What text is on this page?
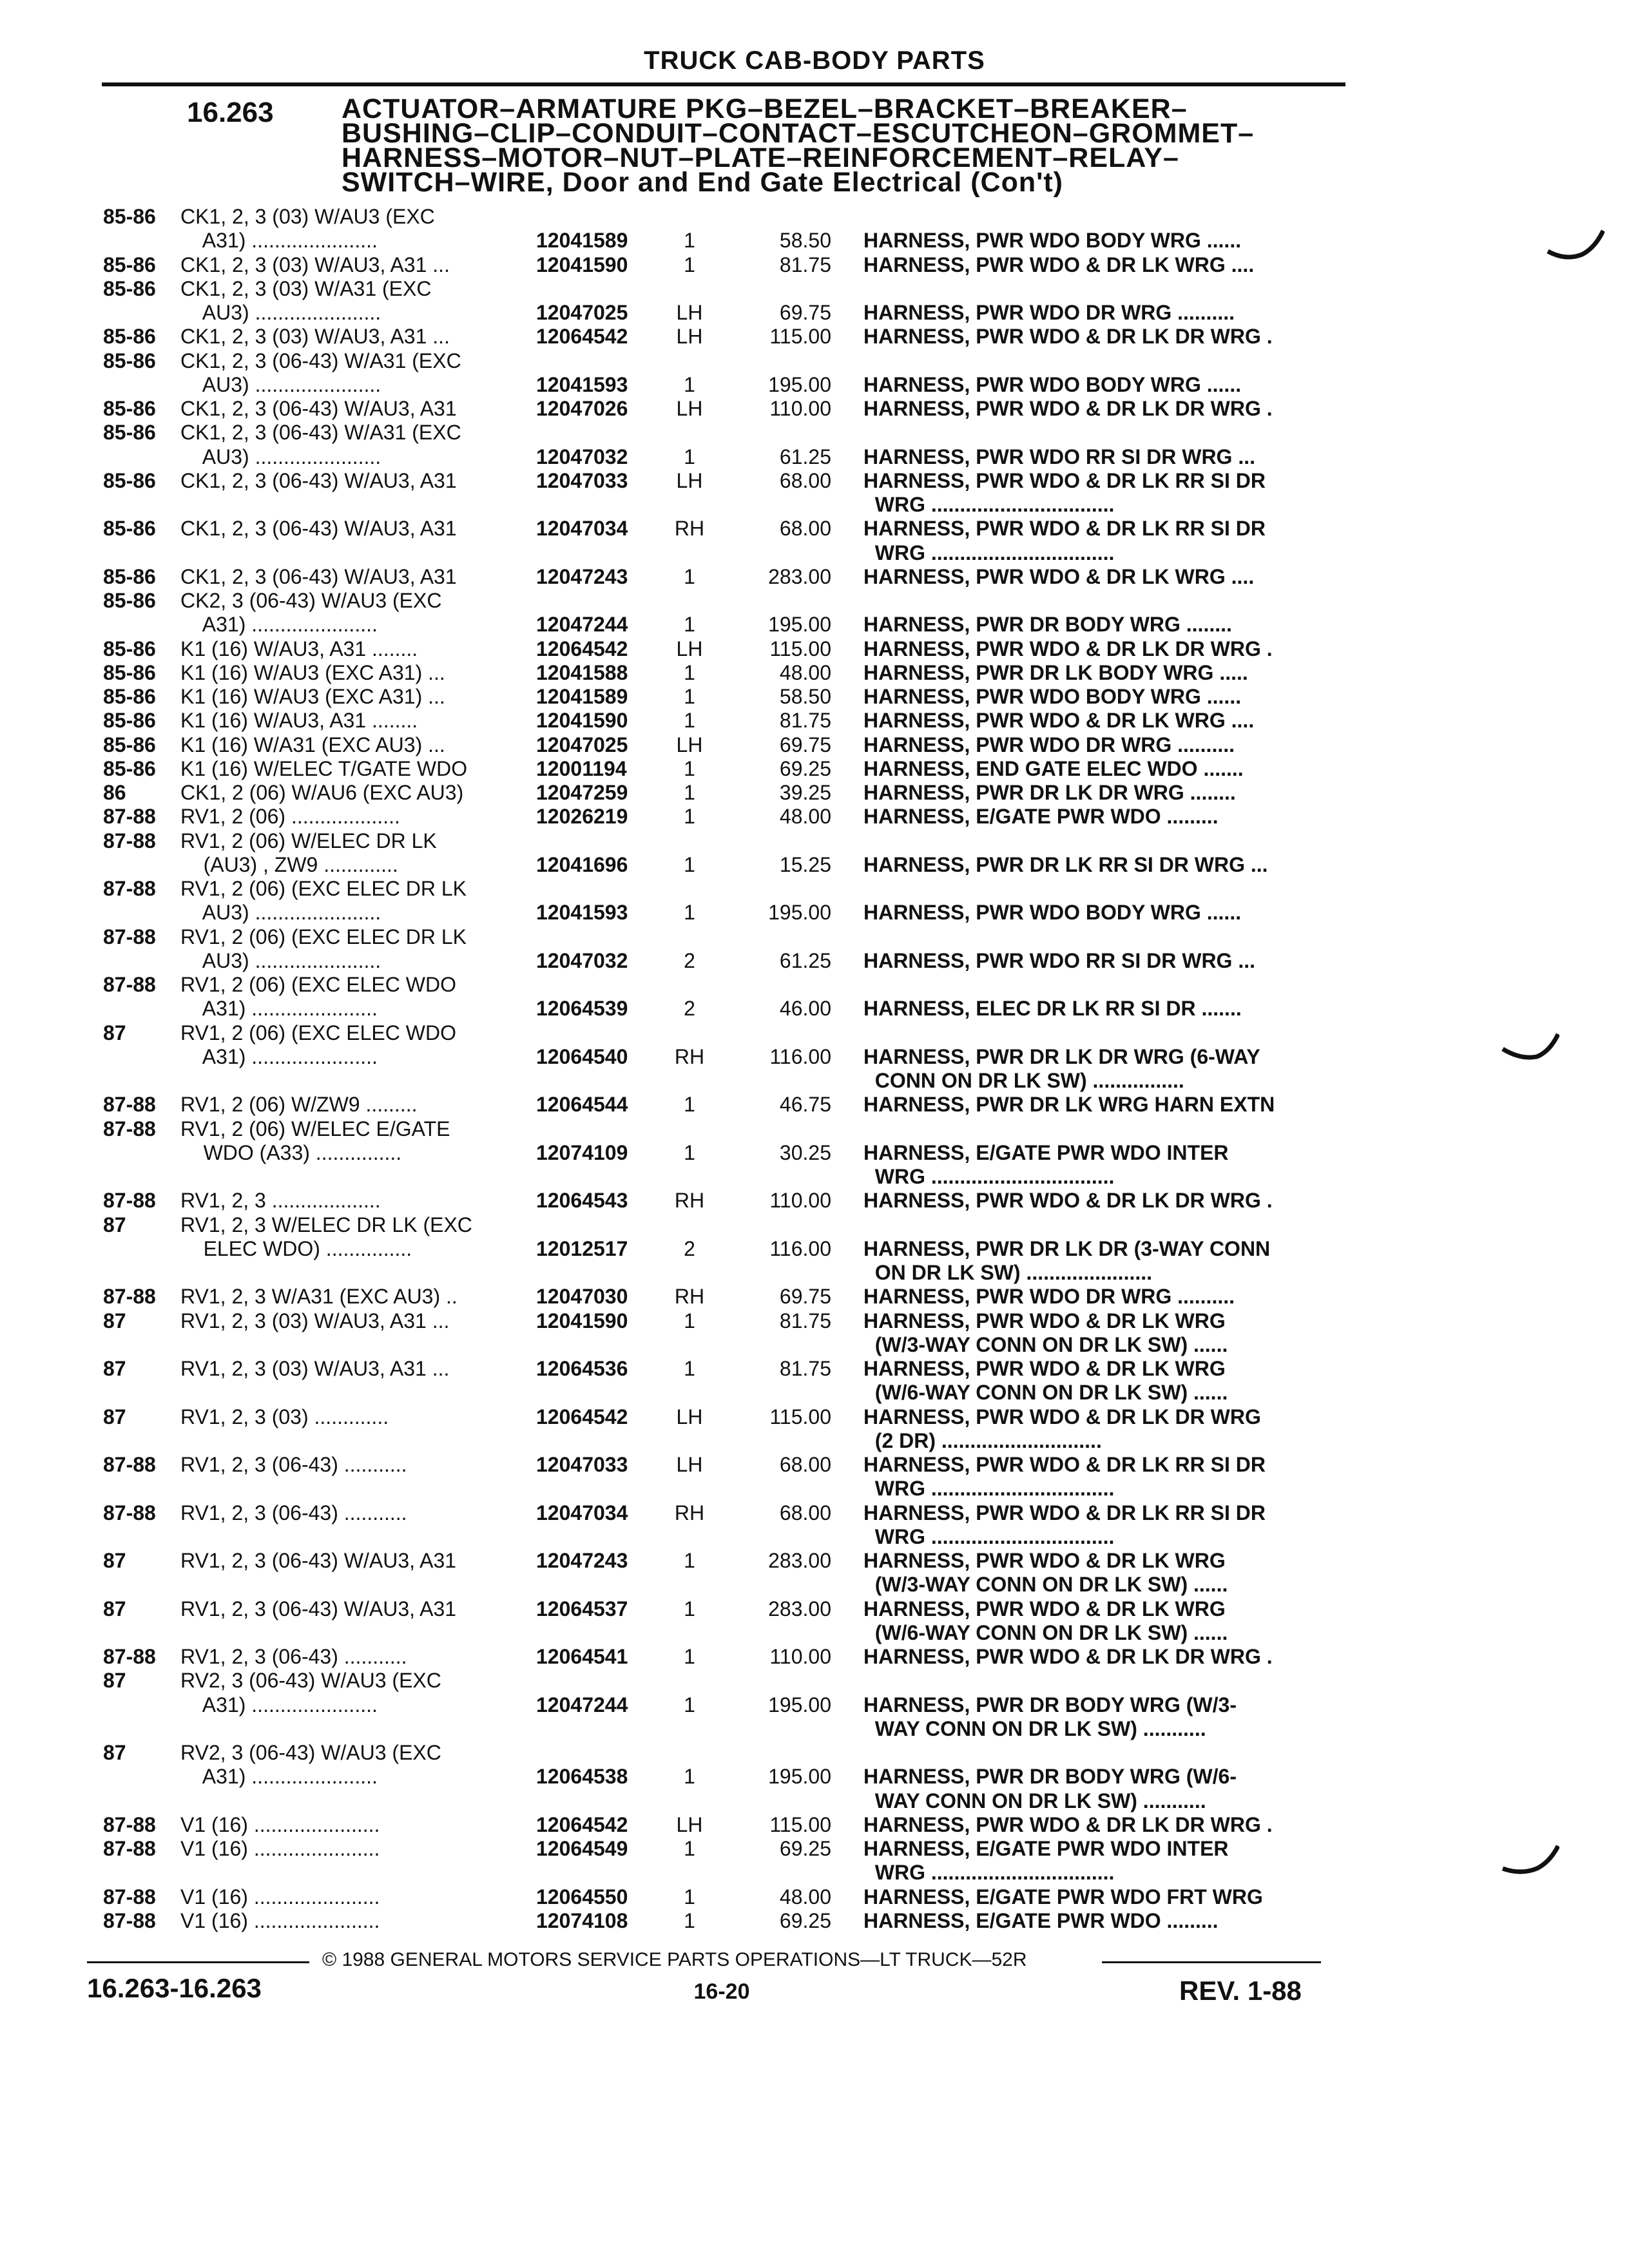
TRUCK CAB-BODY PARTS
16.263 ACTUATOR–ARMATURE PKG–BEZEL–BRACKET–BREAKER–
BUSHING–CLIP–CONDUIT–CONTACT–ESCUTCHEON–GROMMET–
HARNESS–MOTOR–NUT–PLATE–REINFORCEMENT–RELAY–
SWITCH–WIRE, Door and End Gate Electrical (Con't)
85-86	CK1, 2, 3 (03) W/AU3 (EXC
A31) ......................	12041589	1	58.50 HARNESS, PWR WDO BODY WRG ......
85-86	CK1, 2, 3 (03) W/AU3, A31 ...	12041590	1	81.75 HARNESS, PWR WDO & DR LK WRG ....
85-86	CK1, 2, 3 (03) W/A31 (EXC
AU3) ......................	12047025	LH	69.75 HARNESS, PWR WDO DR WRG ..........
85-86	CK1, 2, 3 (03) W/AU3, A31 ...	12064542	LH	115.00 HARNESS, PWR WDO & DR LK DR WRG .
85-86	CK1, 2, 3 (06-43) W/A31 (EXC
AU3) ......................	12041593	1	195.00 HARNESS, PWR WDO BODY WRG ......
85-86	CK1, 2, 3 (06-43) W/AU3, A31	12047026	LH	110.00 HARNESS, PWR WDO & DR LK DR WRG .
85-86	CK1, 2, 3 (06-43) W/A31 (EXC
AU3) ......................	12047032	1	61.25 HARNESS, PWR WDO RR SI DR WRG ...
85-86	CK1, 2, 3 (06-43) W/AU3, A31	12047033	LH	68.00 HARNESS, PWR WDO & DR LK RR SI DR
WRG ................................
85-86	CK1, 2, 3 (06-43) W/AU3, A31	12047034	RH	68.00 HARNESS, PWR WDO & DR LK RR SI DR
WRG ................................
85-86	CK1, 2, 3 (06-43) W/AU3, A31	12047243	1	283.00 HARNESS, PWR WDO & DR LK WRG ....
85-86	CK2, 3 (06-43) W/AU3 (EXC
A31) ......................	12047244	1	195.00 HARNESS, PWR DR BODY WRG ........
85-86	K1 (16) W/AU3, A31 ........	12064542	LH	115.00 HARNESS, PWR WDO & DR LK DR WRG .
85-86	K1 (16) W/AU3 (EXC A31) ...	12041588	1	48.00 HARNESS, PWR DR LK BODY WRG .....
85-86	K1 (16) W/AU3 (EXC A31) ...	12041589	1	58.50 HARNESS, PWR WDO BODY WRG ......
85-86	K1 (16) W/AU3, A31 ........	12041590	1	81.75 HARNESS, PWR WDO & DR LK WRG ....
85-86	K1 (16) W/A31 (EXC AU3) ...	12047025	LH	69.75 HARNESS, PWR WDO DR WRG ..........
85-86	K1 (16) W/ELEC T/GATE WDO	12001194	1	69.25 HARNESS, END GATE ELEC WDO .......
86	CK1, 2 (06) W/AU6 (EXC AU3)	12047259	1	39.25 HARNESS, PWR DR LK DR WRG ........
87-88	RV1, 2 (06) ...................	12026219	1	48.00 HARNESS, E/GATE PWR WDO .........
87-88	RV1, 2 (06) W/ELEC DR LK
(AU3) , ZW9 .............	12041696	1	15.25 HARNESS, PWR DR LK RR SI DR WRG ...
87-88	RV1, 2 (06) (EXC ELEC DR LK
AU3) ......................	12041593	1	195.00 HARNESS, PWR WDO BODY WRG ......
87-88	RV1, 2 (06) (EXC ELEC DR LK
AU3) ......................	12047032	2	61.25 HARNESS, PWR WDO RR SI DR WRG ...
87-88	RV1, 2 (06) (EXC ELEC WDO
A31) ......................	12064539	2	46.00 HARNESS, ELEC DR LK RR SI DR .......
87	RV1, 2 (06) (EXC ELEC WDO
A31) ......................	12064540	RH	116.00 HARNESS, PWR DR LK DR WRG (6-WAY
CONN ON DR LK SW) ................
87-88	RV1, 2 (06) W/ZW9 .........	12064544	1	46.75 HARNESS, PWR DR LK WRG HARN EXTN
87-88	RV1, 2 (06) W/ELEC E/GATE
WDO (A33) ...............	12074109	1	30.25 HARNESS, E/GATE PWR WDO INTER
WRG ................................
87-88	RV1, 2, 3 ...................	12064543	RH	110.00 HARNESS, PWR WDO & DR LK DR WRG .
87	RV1, 2, 3 W/ELEC DR LK (EXC
ELEC WDO) ...............	12012517	2	116.00 HARNESS, PWR DR LK DR (3-WAY CONN
ON DR LK SW) ......................
87-88	RV1, 2, 3 W/A31 (EXC AU3) ..	12047030	RH	69.75 HARNESS, PWR WDO DR WRG ..........
87	RV1, 2, 3 (03) W/AU3, A31 ...	12041590	1	81.75 HARNESS, PWR WDO & DR LK WRG
(W/3-WAY CONN ON DR LK SW) ......
87	RV1, 2, 3 (03) W/AU3, A31 ...	12064536	1	81.75 HARNESS, PWR WDO & DR LK WRG
(W/6-WAY CONN ON DR LK SW) ......
87	RV1, 2, 3 (03) .............	12064542	LH	115.00 HARNESS, PWR WDO & DR LK DR WRG
(2 DR) ............................
87-88	RV1, 2, 3 (06-43) ...........	12047033	LH	68.00 HARNESS, PWR WDO & DR LK RR SI DR
WRG ................................
87-88	RV1, 2, 3 (06-43) ...........	12047034	RH	68.00 HARNESS, PWR WDO & DR LK RR SI DR
WRG ................................
87	RV1, 2, 3 (06-43) W/AU3, A31	12047243	1	283.00 HARNESS, PWR WDO & DR LK WRG
(W/3-WAY CONN ON DR LK SW) ......
87	RV1, 2, 3 (06-43) W/AU3, A31	12064537	1	283.00 HARNESS, PWR WDO & DR LK WRG
(W/6-WAY CONN ON DR LK SW) ......
87-88	RV1, 2, 3 (06-43) ...........	12064541	1	110.00 HARNESS, PWR WDO & DR LK DR WRG .
87	RV2, 3 (06-43) W/AU3 (EXC
A31) ......................	12047244	1	195.00 HARNESS, PWR DR BODY WRG (W/3-
WAY CONN ON DR LK SW) ...........
87	RV2, 3 (06-43) W/AU3 (EXC
A31) ......................	12064538	1	195.00 HARNESS, PWR DR BODY WRG (W/6-
WAY CONN ON DR LK SW) ...........
87-88	V1 (16) ......................	12064542	LH	115.00 HARNESS, PWR WDO & DR LK DR WRG .
87-88	V1 (16) ......................	12064549	1	69.25 HARNESS, E/GATE PWR WDO INTER
WRG ................................
87-88	V1 (16) ......................	12064550	1	48.00 HARNESS, E/GATE PWR WDO FRT WRG
87-88	V1 (16) ......................	12074108	1	69.25 HARNESS, E/GATE PWR WDO .........
© 1988 GENERAL MOTORS SERVICE PARTS OPERATIONS—LT TRUCK—52R
16.263-16.263	16-20	REV. 1-88
